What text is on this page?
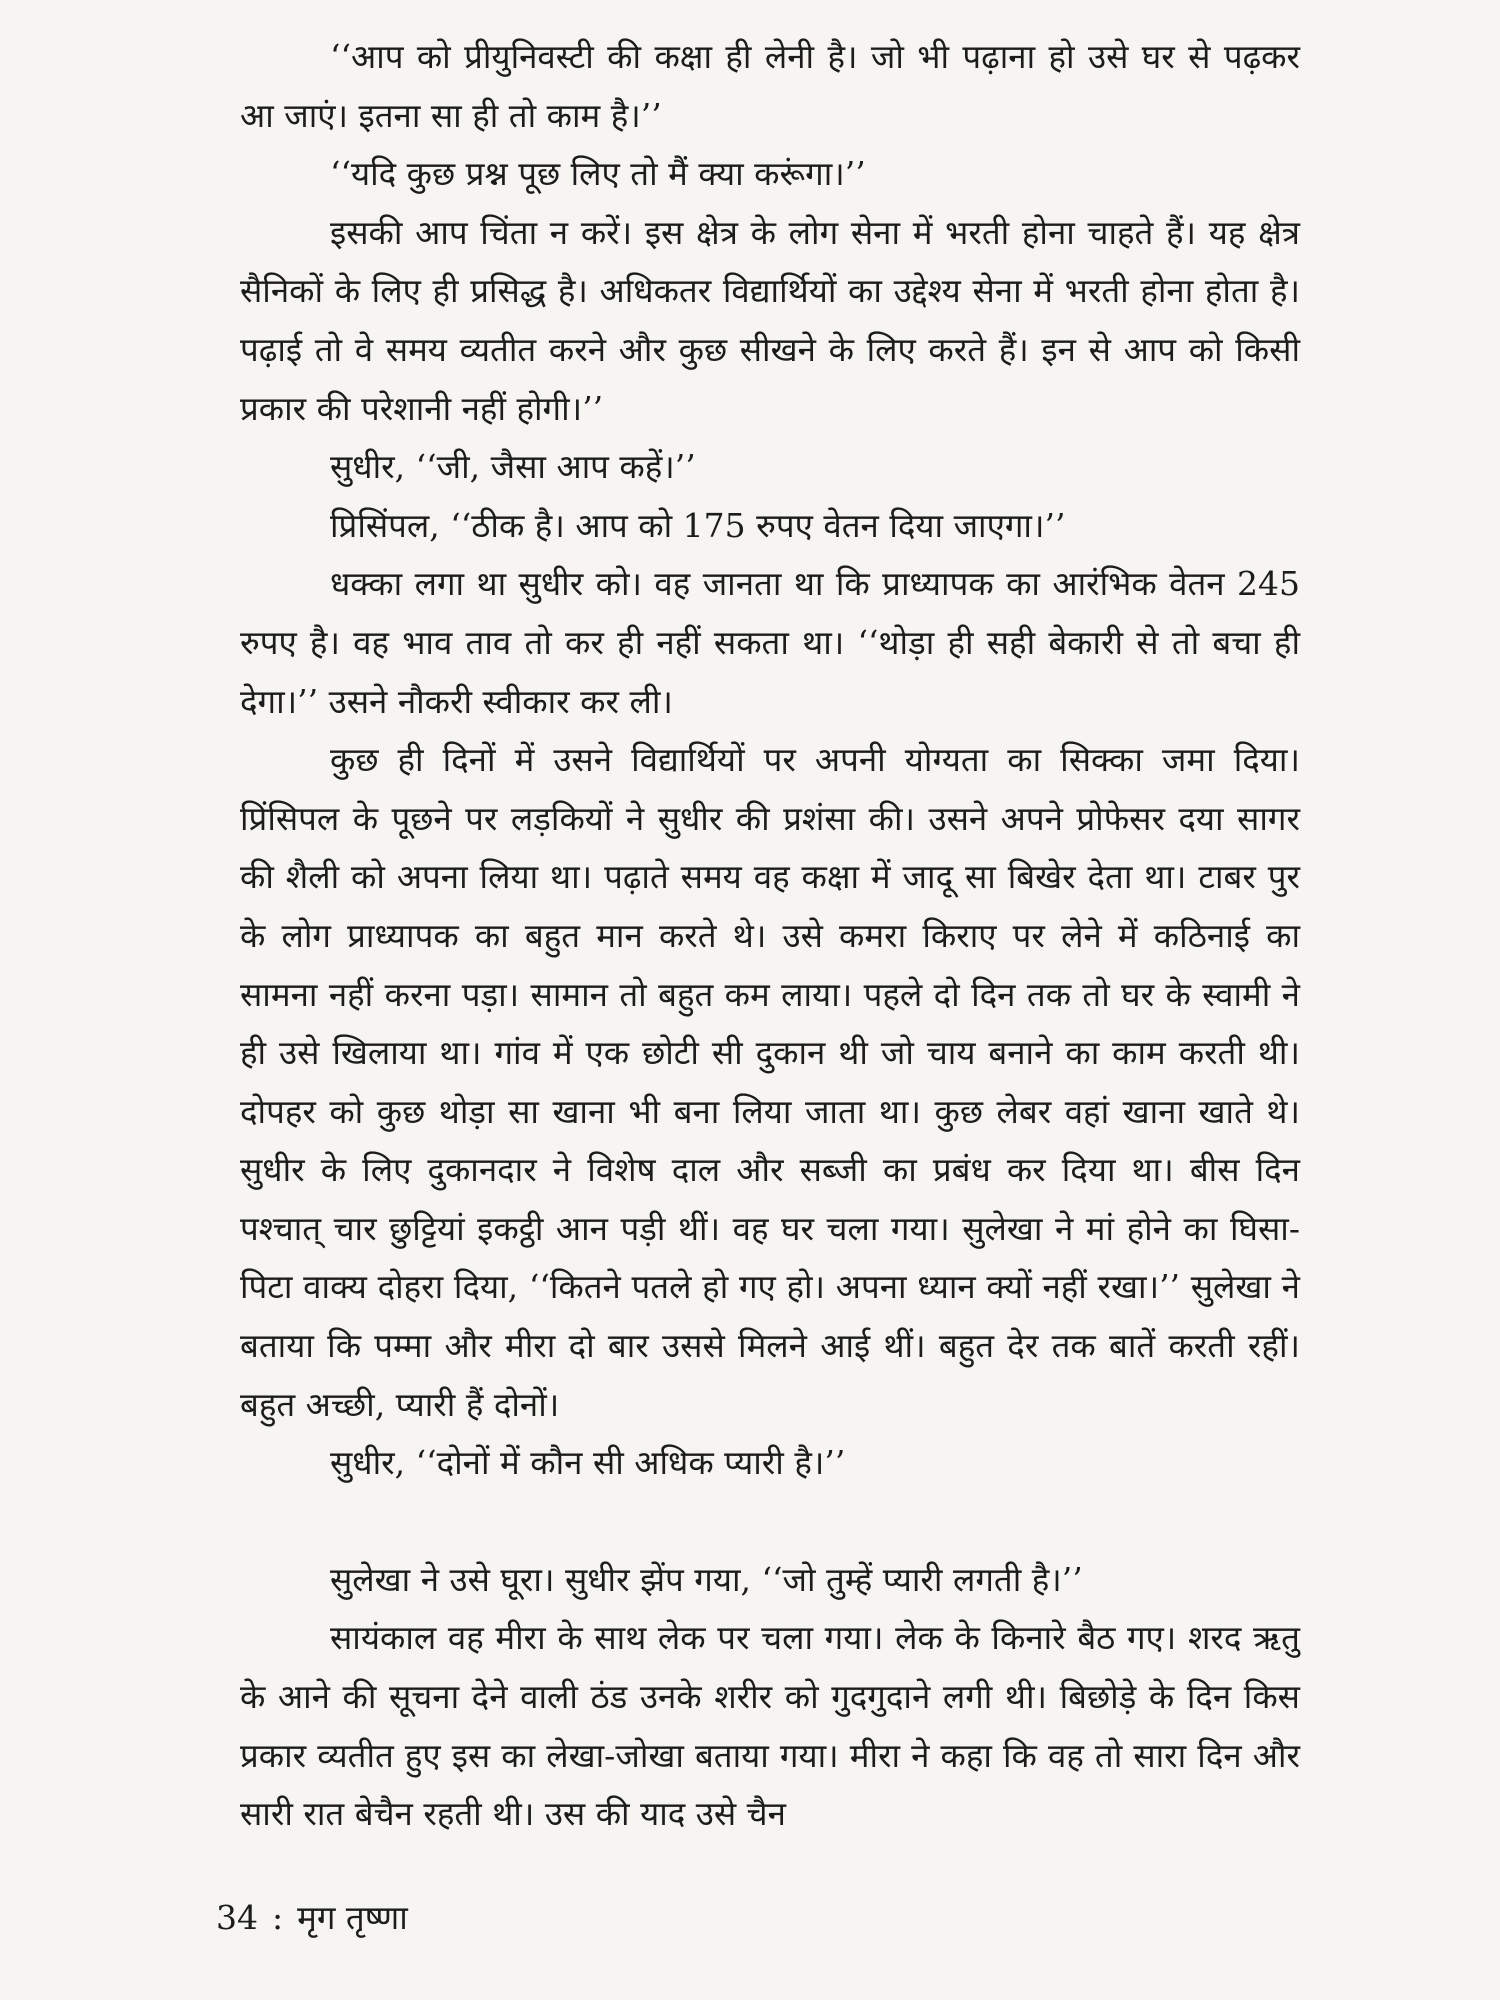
‘‘आप को प्रीयुनिवस्टी की कक्षा ही लेनी है। जो भी पढ़ाना हो उसे घर से पढ़कर आ जाएं। इतना सा ही तो काम है।’’

‘‘यदि कुछ प्रश्न पूछ लिए तो मैं क्या करूंगा।’’

इसकी आप चिंता न करें। इस क्षेत्र के लोग सेना में भरती होना चाहते हैं। यह क्षेत्र सैनिकों के लिए ही प्रसिद्ध है। अधिकतर विद्यार्थियों का उद्देश्य सेना में भरती होना होता है। पढ़ाई तो वे समय व्यतीत करने और कुछ सीखने के लिए करते हैं। इन से आप को किसी प्रकार की परेशानी नहीं होगी।’’

सुधीर, ‘‘जी, जैसा आप कहें।’’

प्रिसिंपल, ‘‘ठीक है। आप को 175 रुपए वेतन दिया जाएगा।’’

धक्का लगा था सुधीर को। वह जानता था कि प्राध्यापक का आरंभिक वेतन 245 रुपए है। वह भाव ताव तो कर ही नहीं सकता था। ‘‘थोड़ा ही सही बेकारी से तो बचा ही देगा।’’ उसने नौकरी स्वीकार कर ली।

कुछ ही दिनों में उसने विद्यार्थियों पर अपनी योग्यता का सिक्का जमा दिया। प्रिंसिपल के पूछने पर लड़कियों ने सुधीर की प्रशंसा की। उसने अपने प्रोफेसर दया सागर की शैली को अपना लिया था। पढ़ाते समय वह कक्षा में जादू सा बिखेर देता था। टाबर पुर के लोग प्राध्यापक का बहुत मान करते थे। उसे कमरा किराए पर लेने में कठिनाई का सामना नहीं करना पड़ा। सामान तो बहुत कम लाया। पहले दो दिन तक तो घर के स्वामी ने ही उसे खिलाया था। गांव में एक छोटी सी दुकान थी जो चाय बनाने का काम करती थी। दोपहर को कुछ थोड़ा सा खाना भी बना लिया जाता था। कुछ लेबर वहां खाना खाते थे। सुधीर के लिए दुकानदार ने विशेष दाल और सब्जी का प्रबंध कर दिया था। बीस दिन पश्चात् चार छुट्टियां इकट्ठी आन पड़ी थीं। वह घर चला गया। सुलेखा ने मां होने का घिसा-पिटा वाक्य दोहरा दिया, ‘‘कितने पतले हो गए हो। अपना ध्यान क्यों नहीं रखा।’’ सुलेखा ने बताया कि पम्मा और मीरा दो बार उससे मिलने आई थीं। बहुत देर तक बातें करती रहीं। बहुत अच्छी, प्यारी हैं दोनों।

सुधीर, ‘‘दोनों में कौन सी अधिक प्यारी है।’’

सुलेखा ने उसे घूरा। सुधीर झेंप गया, ‘‘जो तुम्हें प्यारी लगती है।’’

सायंकाल वह मीरा के साथ लेक पर चला गया। लेक के किनारे बैठ गए। शरद ऋतु के आने की सूचना देने वाली ठंड उनके शरीर को गुदगुदाने लगी थी। बिछोड़े के दिन किस प्रकार व्यतीत हुए इस का लेखा-जोखा बताया गया। मीरा ने कहा कि वह तो सारा दिन और सारी रात बेचैन रहती थी। उस की याद उसे चैन

34 : मृग तृष्णा
